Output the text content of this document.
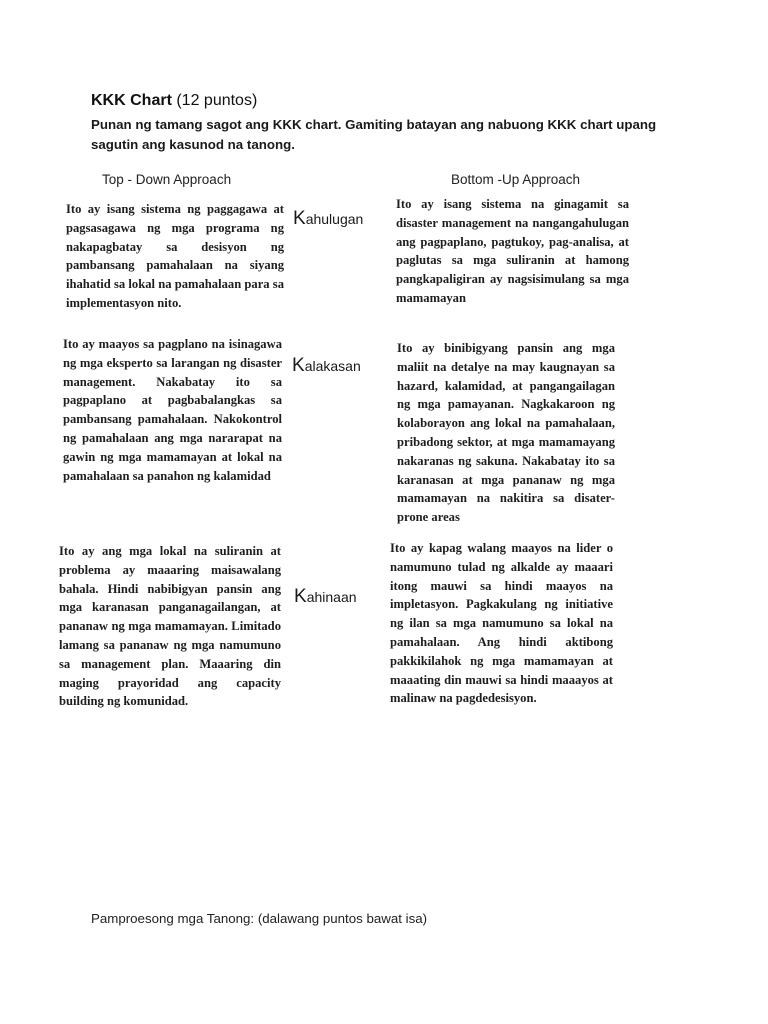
KKK Chart (12 puntos)
Punan ng tamang sagot ang KKK chart. Gamiting batayan ang nabuong KKK chart upang sagutin ang kasunod na tanong.
Top - Down Approach	Bottom -Up Approach
Ito ay isang sistema ng paggagawa at pagsasagawa ng mga programa ng nakapagbatay sa desisyon ng pambansang pamahalaan na siyang ihahatid sa lokal na pamahalaan para sa implementasyon nito.
Kahulugan
Ito ay isang sistema na ginagamit sa disaster management na nangangahulugan ang pagpaplano, pagtukoy, pag-analisa, at paglutas sa mga suliranin at hamong pangkapaligiran ay nagsisimulang sa mga mamamayan
Ito ay maayos sa pagplano na isinagawa ng mga eksperto sa larangan ng disaster management. Nakabatay ito sa pagpaplano at pagbabalangkas sa pambansang pamahalaan. Nakokontrol ng pamahalaan ang mga nararapat na gawin ng mga mamamayan at lokal na pamahalaan sa panahon ng kalamidad
Kalakasan
Ito ay binibigyang pansin ang mga maliit na detalye na may kaugnayan sa hazard, kalamidad, at pangangailagan ng mga pamayanan. Nagkakaroon ng kolaborayon ang lokal na pamahalaan, pribadong sektor, at mga mamamayang nakaranas ng sakuna. Nakabatay ito sa karanasan at mga pananaw ng mga mamamayan na nakitira sa disater-prone areas
Ito ay ang mga lokal na suliranin at problema ay maaaring maisawalang bahala. Hindi nabibigyan pansin ang mga karanasan panganagailangan, at pananaw ng mga mamamayan. Limitado lamang sa pananaw ng mga namumuno sa management plan. Maaaring din maging prayoridad ang capacity building ng komunidad.
Kahinaan
Ito ay kapag walang maayos na lider o namumuno tulad ng alkalde ay maaari itong mauwi sa hindi maayos na impletasyon. Pagkakulang ng initiative ng ilan sa mga namumuno sa lokal na pamahalaan. Ang hindi aktibong pakkikilahok ng mga mamamayan at maaating din mauwi sa hindi maaayos at malinaw na pagdedesisyon.
Pamproesong mga Tanong: (dalawang puntos bawat isa)
